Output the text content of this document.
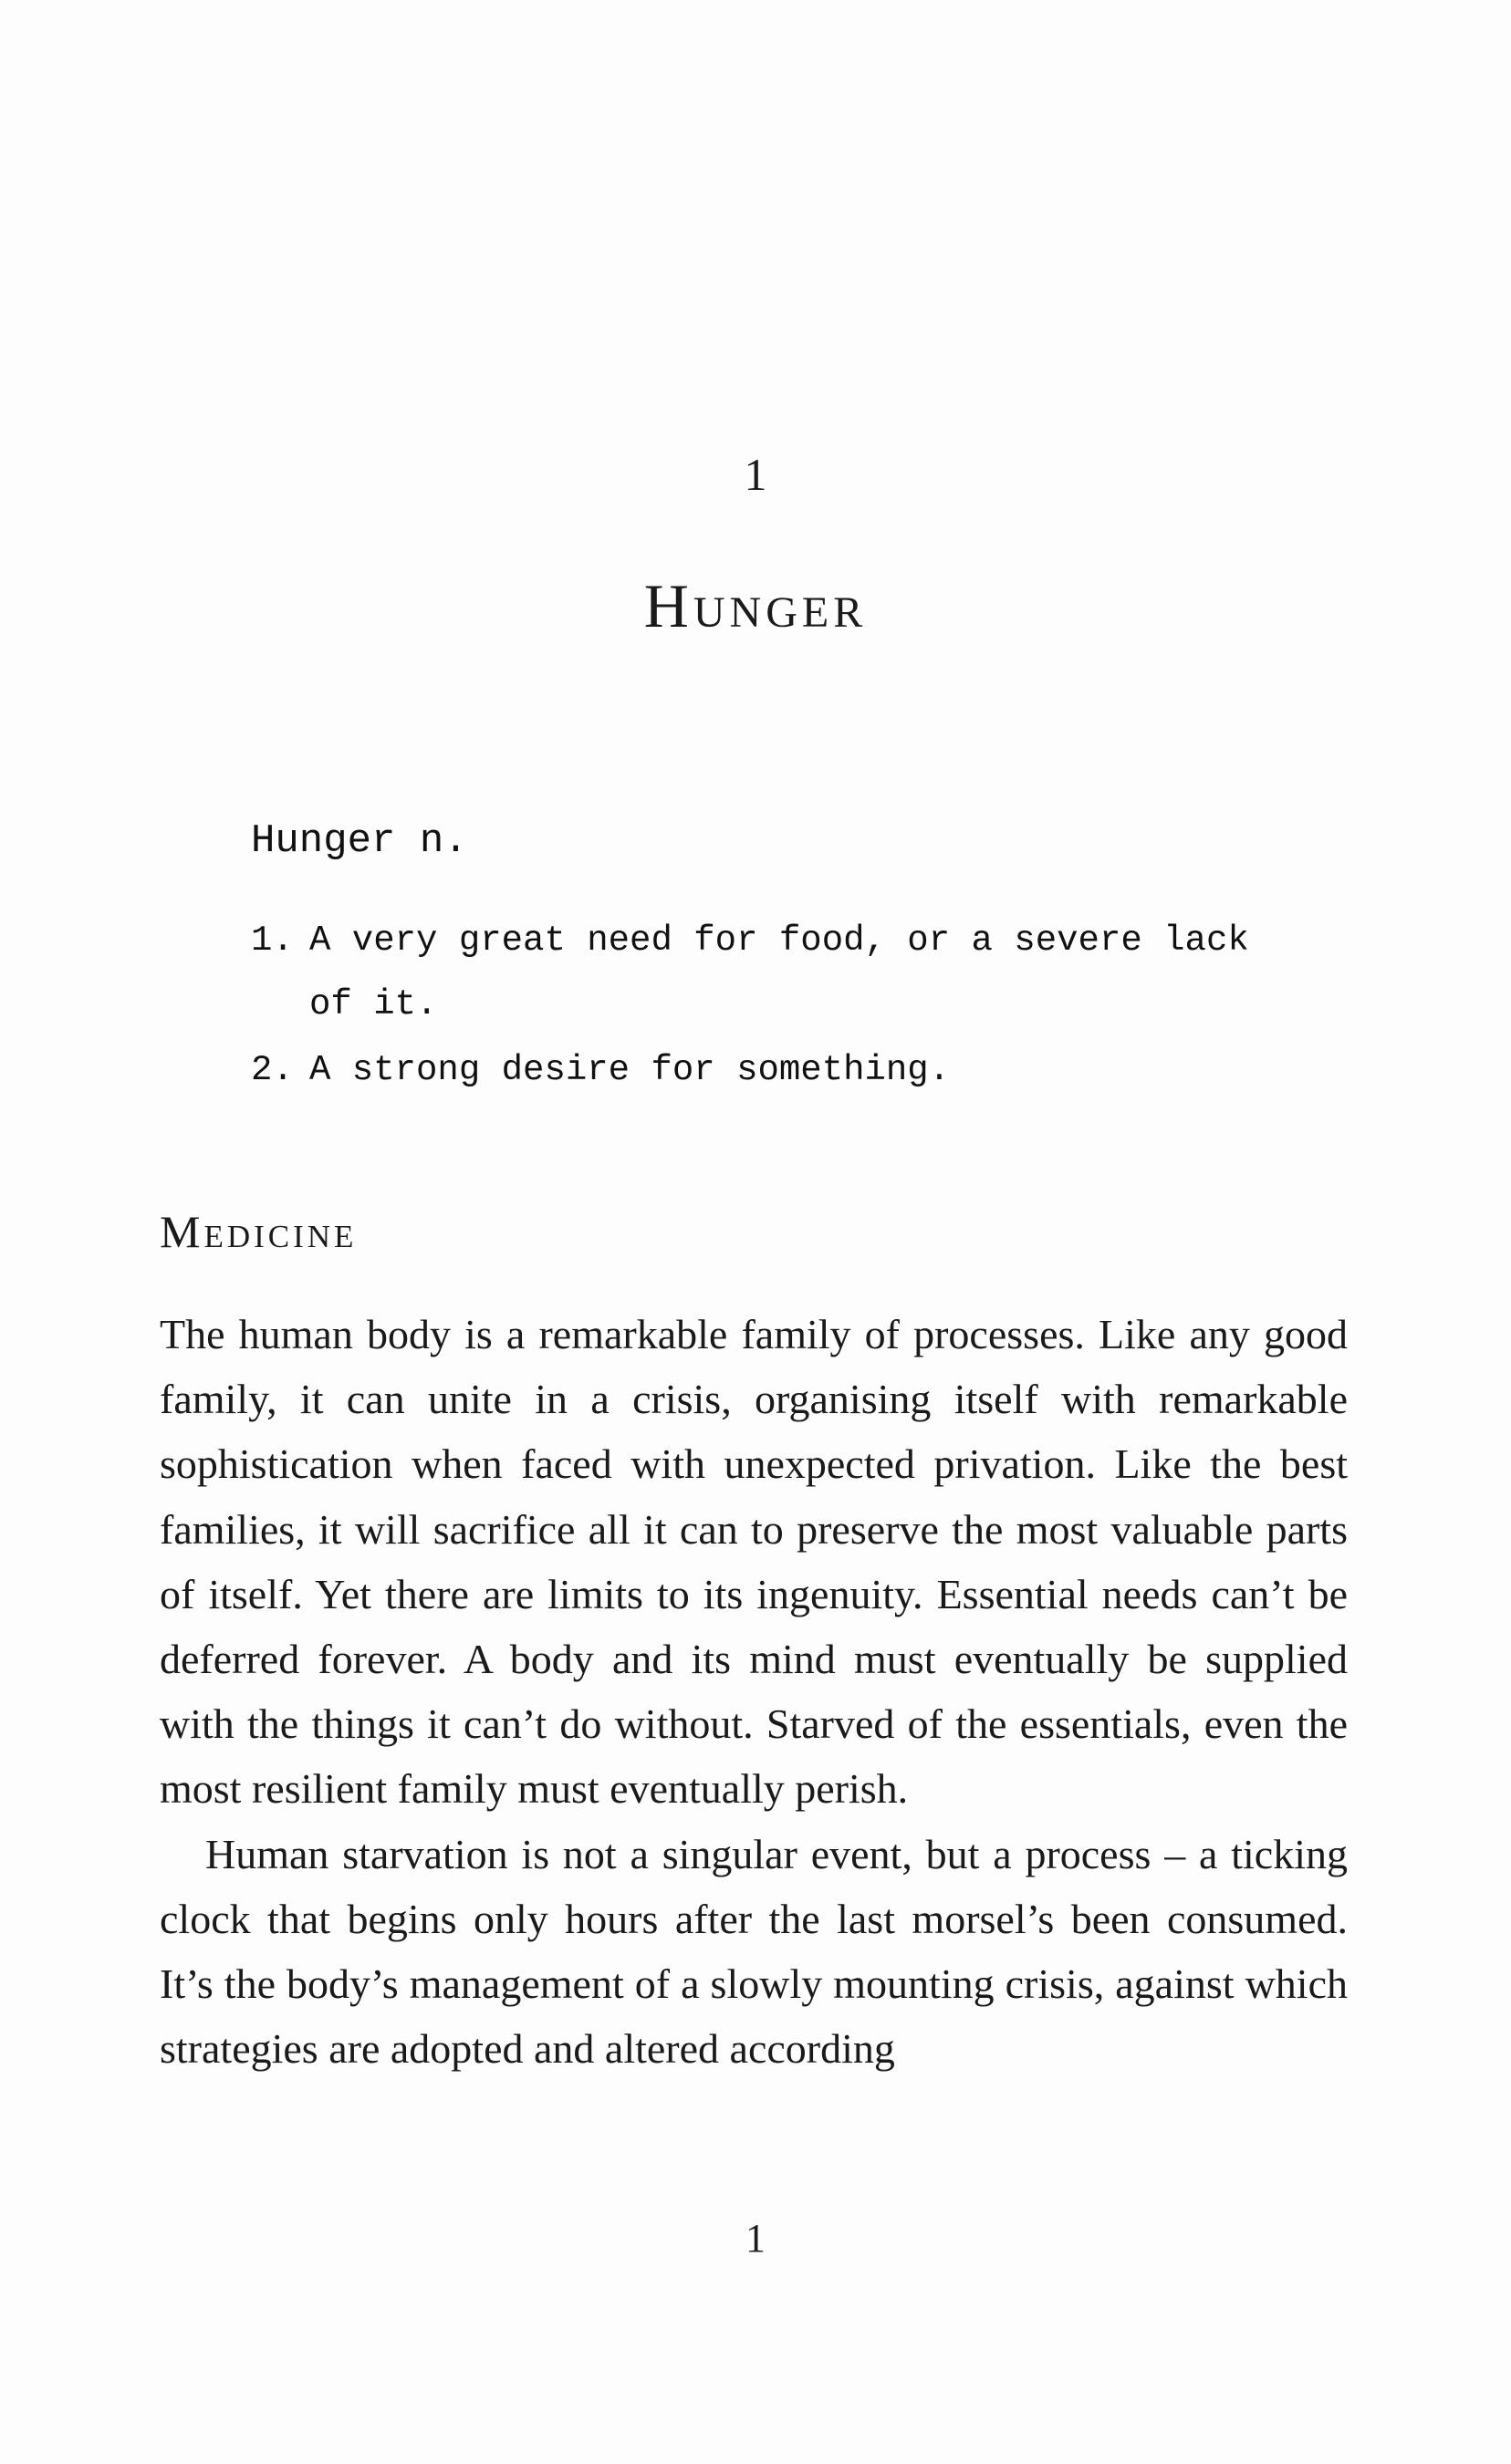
1
Hunger
Hunger n.
1. A very great need for food, or a severe lack of it.
2. A strong desire for something.
Medicine

The human body is a remarkable family of processes. Like any good family, it can unite in a crisis, organising itself with remarkable sophistication when faced with unexpected privation. Like the best families, it will sacrifice all it can to preserve the most valuable parts of itself. Yet there are limits to its ingenuity. Essential needs can’t be deferred forever. A body and its mind must eventually be supplied with the things it can’t do without. Starved of the essentials, even the most resilient family must eventually perish.

Human starvation is not a singular event, but a process – a ticking clock that begins only hours after the last morsel’s been consumed. It’s the body’s management of a slowly mounting crisis, against which strategies are adopted and altered according

1
